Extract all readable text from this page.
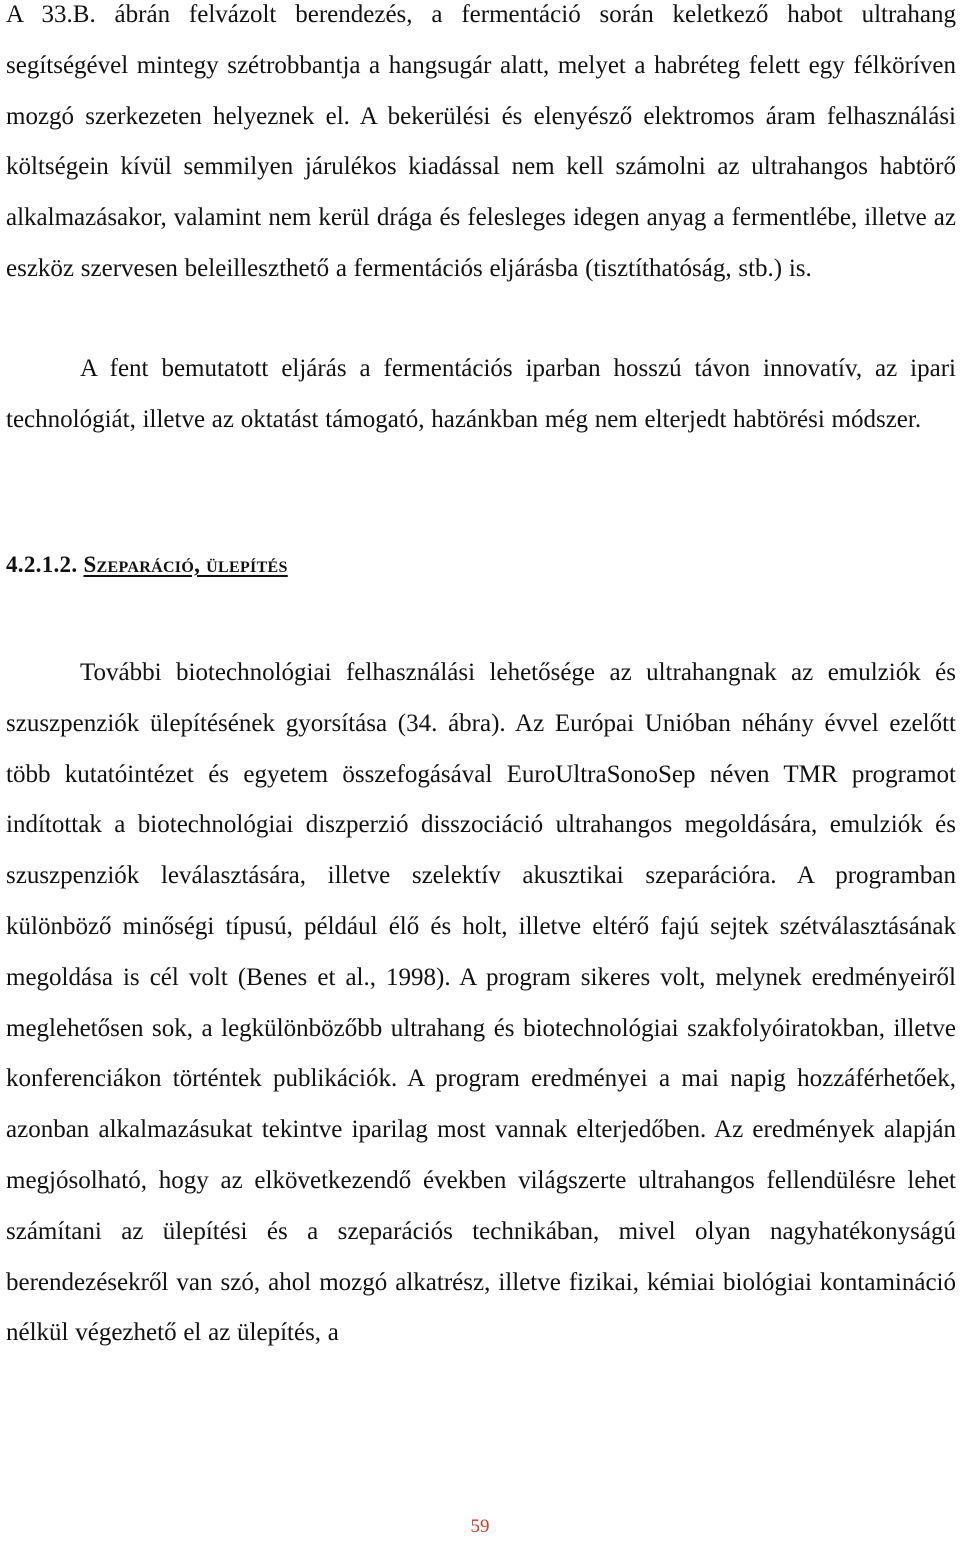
A 33.B. ábrán felvázolt berendezés, a fermentáció során keletkező habot ultrahang segítségével mintegy szétrobbantja a hangsugár alatt, melyet a habréteg felett egy félköríven mozgó szerkezeten helyeznek el. A bekerülési és elenyésző elektromos áram felhasználási költségein kívül semmilyen járulékos kiadással nem kell számolni az ultrahangos habtörő alkalmazásakor, valamint nem kerül drága és felesleges idegen anyag a fermentlébe, illetve az eszköz szervesen beleilleszthető a fermentációs eljárásba (tisztíthatóság, stb.) is.

A fent bemutatott eljárás a fermentációs iparban hosszú távon innovatív, az ipari technológiát, illetve az oktatást támogató, hazánkban még nem elterjedt habtörési módszer.

4.2.1.2. Szeparáció, ülepítés

További biotechnológiai felhasználási lehetősége az ultrahangnak az emulziók és szuszpenziók ülepítésének gyorsítása (34. ábra). Az Európai Unióban néhány évvel ezelőtt több kutatóintézet és egyetem összefogásával EuroUltraSonoSep néven TMR programot indítottak a biotechnológiai diszperzió disszociáció ultrahangos megoldására, emulziók és szuszpenziók leválasztására, illetve szelektív akusztikai szeparációra. A programban különböző minőségi típusú, például élő és holt, illetve eltérő fajú sejtek szétválasztásának megoldása is cél volt (Benes et al., 1998). A program sikeres volt, melynek eredményeiről meglehetősen sok, a legkülönbözőbb ultrahang és biotechnológiai szakfolyóiratokban, illetve konferenciákon történtek publikációk. A program eredményei a mai napig hozzáférhetőek, azonban alkalmazásukat tekintve iparilag most vannak elterjedőben. Az eredmények alapján megjósolható, hogy az elkövetkezendő években világszerte ultrahangos fellendülésre lehet számítani az ülepítési és a szeparációs technikában, mivel olyan nagyhatékonyságú berendezésekről van szó, ahol mozgó alkatrész, illetve fizikai, kémiai biológiai kontamináció nélkül végezhető el az ülepítés, a

59
